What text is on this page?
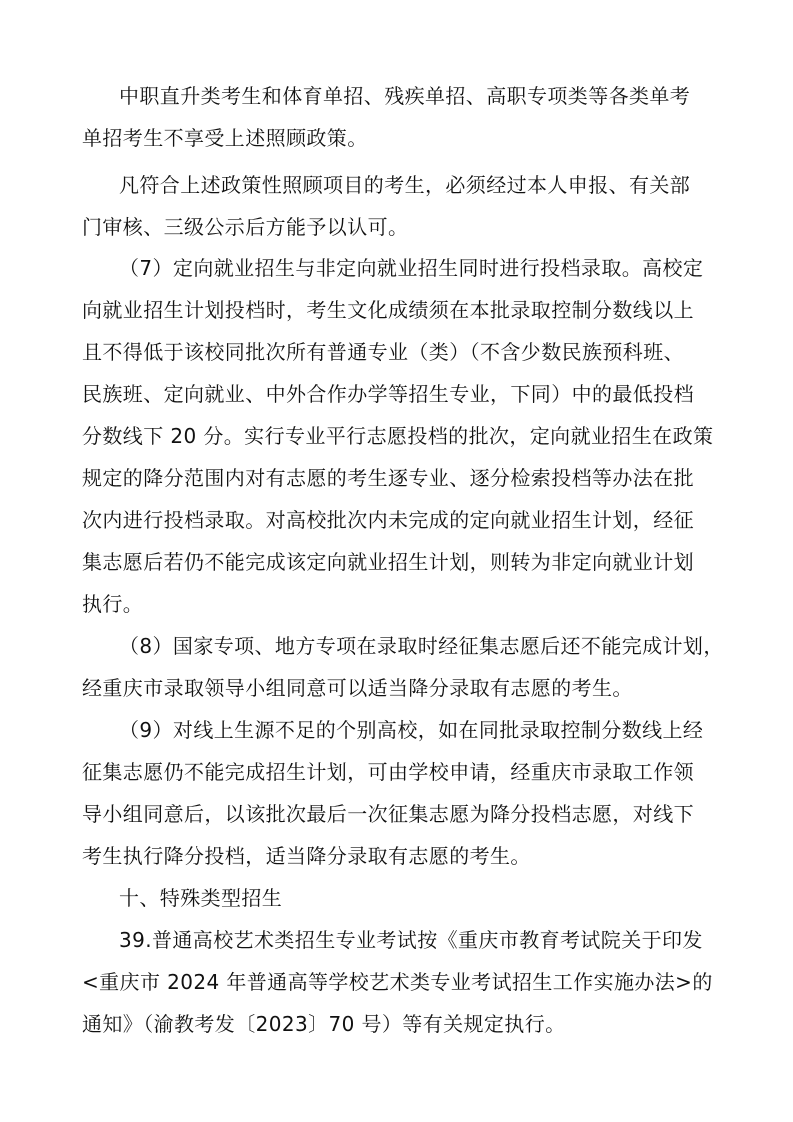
中职直升类考生和体育单招、残疾单招、高职专项类等各类单考
单招考生不享受上述照顾政策。
凡符合上述政策性照顾项目的考生，必须经过本人申报、有关部
门审核、三级公示后方能予以认可。
（7）定向就业招生与非定向就业招生同时进行投档录取。高校定
向就业招生计划投档时，考生文化成绩须在本批录取控制分数线以上
且不得低于该校同批次所有普通专业（类）（不含少数民族预科班、
民族班、定向就业、中外合作办学等招生专业，下同）中的最低投档
分数线下 20 分。实行专业平行志愿投档的批次，定向就业招生在政策
规定的降分范围内对有志愿的考生逐专业、逐分检索投档等办法在批
次内进行投档录取。对高校批次内未完成的定向就业招生计划，经征
集志愿后若仍不能完成该定向就业招生计划，则转为非定向就业计划
执行。
（8）国家专项、地方专项在录取时经征集志愿后还不能完成计划，
经重庆市录取领导小组同意可以适当降分录取有志愿的考生。
（9）对线上生源不足的个别高校，如在同批录取控制分数线上经
征集志愿仍不能完成招生计划，可由学校申请，经重庆市录取工作领
导小组同意后，以该批次最后一次征集志愿为降分投档志愿，对线下
考生执行降分投档，适当降分录取有志愿的考生。
十、特殊类型招生
39.普通高校艺术类招生专业考试按《重庆市教育考试院关于印发
<重庆市 2024 年普通高等学校艺术类专业考试招生工作实施办法>的
通知》（渝教考发〔2023〕70 号）等有关规定执行。
